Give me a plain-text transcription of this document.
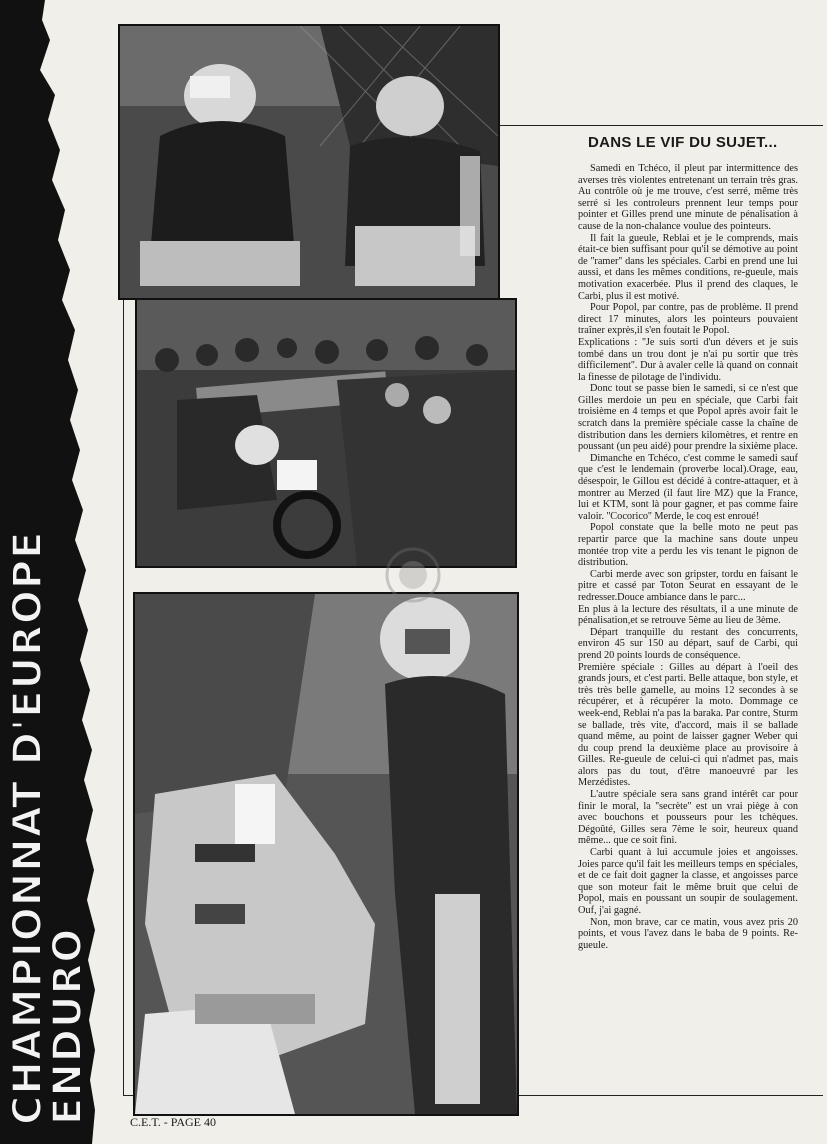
CHAMPIONNAT D'EUROPE
ENDURO
DANS LE VIF DU SUJET...

Samedi en Tchéco, il pleut par intermittence des averses très violentes entretenant un terrain très gras. Au contrôle où je me trouve, c'est serré, même très serré si les controleurs prennent leur temps pour pointer et Gilles prend une minute de pénalisation à cause de la non-chalance voulue des pointeurs.

Il fait la gueule, Reblai et je le comprends, mais était-ce bien suffisant pour qu'il se démotive au point de ''ramer'' dans les spéciales. Carbi en prend une lui aussi, et dans les mêmes conditions, re-gueule, mais motivation exacerbée. Plus il prend des claques, le Carbi, plus il est motivé.

Pour Popol, par contre, pas de problème. Il prend direct 17 minutes, alors les pointeurs pouvaient traîner exprès,il s'en foutait le Popol.

Explications : ''Je suis sorti d'un dévers et je suis tombé dans un trou dont je n'ai pu sortir que très difficilement''. Dur à avaler celle là quand on connait la finesse de pilotage de l'individu.

Donc tout se passe bien le samedi, si ce n'est que Gilles merdoie un peu en spéciale, que Carbi fait troisième en 4 temps et que Popol après avoir fait le scratch dans la première spéciale casse la chaîne de distribution dans les derniers kilomètres, et rentre en poussant (un peu aidé) pour prendre la sixième place.

Dimanche en Tchéco, c'est comme le samedi sauf que c'est le lendemain (proverbe local).Orage, eau, désespoir, le Gillou est décidé à contre-attaquer, et à montrer au Merzed (il faut lire MZ) que la France, lui et KTM, sont là pour gagner, et pas comme faire valoir. ''Cocorico'' Merde, le coq est enroué!

Popol constate que la belle moto ne peut pas repartir parce que la machine sans doute unpeu montée trop vite a perdu les vis tenant le pignon de distribution.

Carbi merde avec son gripster, tordu en faisant le pitre et cassé par Toton Seurat en essayant de le redresser.Douce ambiance dans le parc...

En plus à la lecture des résultats, il a une minute de pénalisation,et se retrouve 5ème au lieu de 3ème.

Départ tranquille du restant des concurrents, environ 45 sur 150 au départ, sauf de Carbi, qui prend 20 points lourds de conséquence.

Première spéciale : Gilles au départ à l'oeil des grands jours, et c'est parti. Belle attaque, bon style, et très très belle gamelle, au moins 12 secondes à se récupérer, et à récupérer la moto. Dommage ce week-end, Reblai n'a pas la baraka. Par contre, Sturm se ballade, très vite, d'accord, mais il se ballade quand même, au point de laisser gagner Weber qui du coup prend la deuxième place au provisoire à Gilles. Re-gueule de celui-ci qui n'admet pas, mais alors pas du tout, d'être manoeuvré par les Merzédistes.

L'autre spéciale sera sans grand intérêt car pour finir le moral, la ''secrète'' est un vrai piège à con avec bouchons et pousseurs pour les tchèques. Dégoûté, Gilles sera 7ème le soir, heureux quand même... que ce soit fini.

Carbi quant à lui accumule joies et angoisses. Joies parce qu'il fait les meilleurs temps en spéciales, et de ce fait doit gagner la classe, et angoisses parce que son moteur fait le même bruit que celui de Popol, mais en poussant un soupir de soulagement. Ouf, j'ai gagné.

Non, mon brave, car ce matin, vous avez pris 20 points, et vous l'avez dans le baba de 9 points. Re-gueule.

C.E.T. - PAGE 40
